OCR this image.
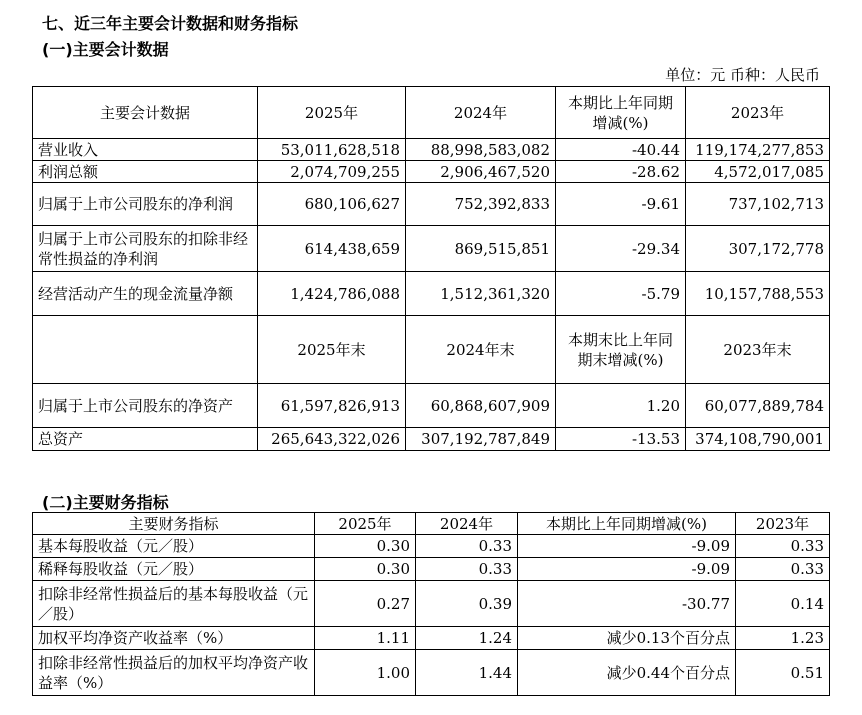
七、近三年主要会计数据和财务指标
(一)主要会计数据
单位：元 币种：人民币
主要会计数据	2025年	2024年	本期比上年同期增减(%)	2023年
营业收入	53,011,628,518	88,998,583,082	-40.44	119,174,277,853
利润总额	2,074,709,255	2,906,467,520	-28.62	4,572,017,085
归属于上市公司股东的净利润	680,106,627	752,392,833	-9.61	737,102,713
归属于上市公司股东的扣除非经常性损益的净利润	614,438,659	869,515,851	-29.34	307,172,778
经营活动产生的现金流量净额	1,424,786,088	1,512,361,320	-5.79	10,157,788,553
	2025年末	2024年末	本期末比上年同期末增减(%)	2023年末
归属于上市公司股东的净资产	61,597,826,913	60,868,607,909	1.20	60,077,889,784
总资产	265,643,322,026	307,192,787,849	-13.53	374,108,790,001
(二)主要财务指标
主要财务指标	2025年	2024年	本期比上年同期增减(%)	2023年
基本每股收益（元／股）	0.30	0.33	-9.09	0.33
稀释每股收益（元／股）	0.30	0.33	-9.09	0.33
扣除非经常性损益后的基本每股收益（元／股）	0.27	0.39	-30.77	0.14
加权平均净资产收益率（%）	1.11	1.24	减少0.13个百分点	1.23
扣除非经常性损益后的加权平均净资产收益率（%）	1.00	1.44	减少0.44个百分点	0.51
